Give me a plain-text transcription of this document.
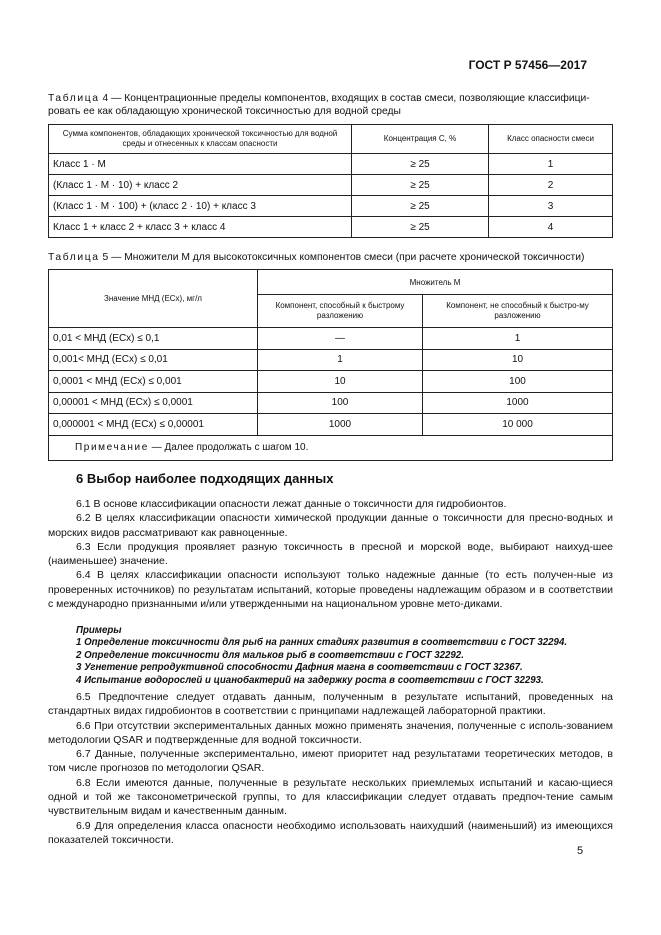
ГОСТ Р 57456—2017
Таблица 4 — Концентрационные пределы компонентов, входящих в состав смеси, позволяющие классифици-ровать ее как обладающую хронической токсичностью для водной среды
Сумма компонентов, обладающих хронической токсичностью для водной среды и отнесенных к классам опасности	Концентрация С, %	Класс опасности смеси
Класс 1 · М	≥ 25	1
(Класс 1 · М · 10) + класс 2	≥ 25	2
(Класс 1 · М · 100) + (класс 2 · 10) + класс 3	≥ 25	3
Класс 1 + класс 2 + класс 3 + класс 4	≥ 25	4
Таблица 5 — Множители М для высокотоксичных компонентов смеси (при расчете хронической токсичности)
Значение МНД (ECx), мг/л	Множитель М	
	Компонент, способный к быстрому разложению	Компонент, не способный к быстро-му разложению
0,01 < МНД (ECx) ≤ 0,1	—	1
0,001< МНД (ECx) ≤ 0,01	1	10
0,0001 < МНД (ECx) ≤ 0,001	10	100
0,00001 < МНД (ECx) ≤ 0,0001	100	1000
0,000001 < МНД (ECx) ≤ 0,00001	1000	10 000
Примечание — Далее продолжать с шагом 10.		
6 Выбор наиболее подходящих данных

6.1 В основе классификации опасности лежат данные о токсичности для гидробионтов.

6.2 В целях классификации опасности химической продукции данные о токсичности для пресно-водных и морских видов рассматривают как равноценные.

6.3 Если продукция проявляет разную токсичность в пресной и морской воде, выбирают наихуд-шее (наименьшее) значение.

6.4 В целях классификации опасности используют только надежные данные (то есть получен-ные из проверенных источников) по результатам испытаний, которые проведены надлежащим образом и в соответствии с международно признанными и/или утвержденными на национальном уровне мето-диками.

Примеры
1 Определение токсичности для рыб на ранних стадиях развития в соответствии с ГОСТ 32294.
2 Определение токсичности для мальков рыб в соответствии с ГОСТ 32292.
3 Угнетение репродуктивной способности Дафния магна в соответствии с ГОСТ 32367.
4 Испытание водорослей и цианобактерий на задержку роста в соответствии с ГОСТ 32293.

6.5 Предпочтение следует отдавать данным, полученным в результате испытаний, проведенных на стандартных видах гидробионтов в соответствии с принципами надлежащей лабораторной практики.

6.6 При отсутствии экспериментальных данных можно применять значения, полученные с исполь-зованием методологии QSAR и подтвержденные для водной токсичности.

6.7 Данные, полученные экспериментально, имеют приоритет над результатами теоретических методов, в том числе прогнозов по методологии QSAR.

6.8 Если имеются данные, полученные в результате нескольких приемлемых испытаний и касаю-щиеся одной и той же таксонометрической группы, то для классификации следует отдавать предпоч-тение самым чувствительным видам и качественным данным.

6.9 Для определения класса опасности необходимо использовать наихудший (наименьший) из имеющихся показателей токсичности.

5
